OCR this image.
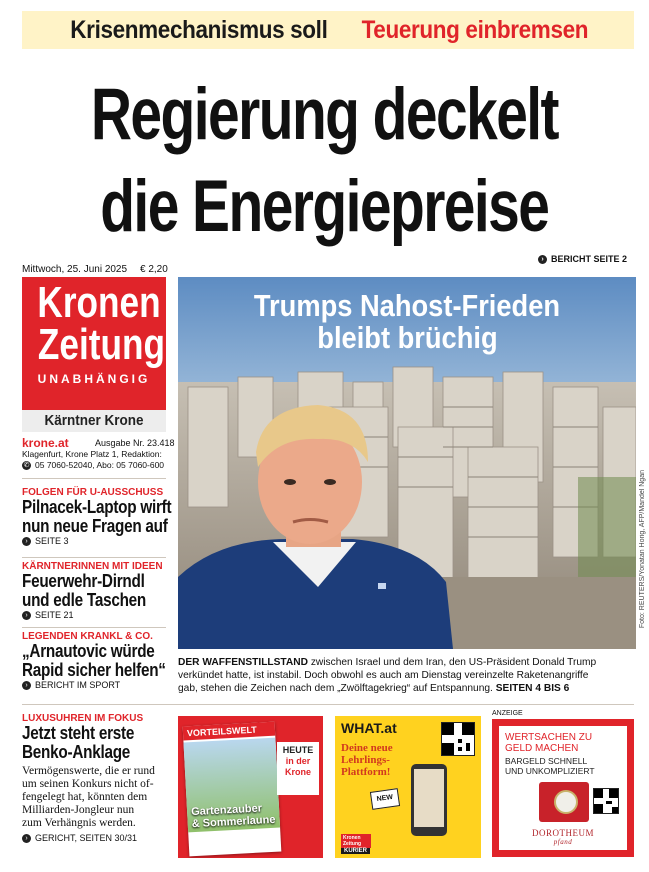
Krisenmechanismus soll Teuerung einbremsen
Regierung deckelt
die Energiepreise
Mittwoch, 25. Juni 2025 € 2,20
› BERICHT SEITE 2
Kronen
Zeitung
UNABHÄNGIG
Kärntner Krone
krone.at	Ausgabe Nr. 23.418
Klagenfurt, Krone Platz 1, Redaktion:
✆ 05 7060-52040, Abo: 05 7060-600
FOLGEN FÜR U-AUSSCHUSS
Pilnacek-Laptop wirft
nun neue Fragen auf
› SEITE 3
KÄRNTNERINNEN MIT IDEEN
Feuerwehr-Dirndl
und edle Taschen
› SEITE 21
LEGENDEN KRANKL & CO.
„Arnautovic würde
Rapid sicher helfen“
› BERICHT IM SPORT
LUXUSUHREN IM FOKUS
Jetzt steht erste
Benko-Anklage
Vermögenswerte, die er rund
um seinen Konkurs nicht of-
fengelegt hat, könnten dem
Milliarden-Jongleur nun
zum Verhängnis werden.
› GERICHT, SEITEN 30/31
Trumps Nahost-Frieden
bleibt brüchig
Foto: REUTERS/Yonatan Horig, AFP/Mandel Ngan
DER WAFFENSTILLSTAND zwischen Israel und dem Iran, den US-Präsident Donald Trump
verkündet hatte, ist instabil. Doch obwohl es auch am Dienstag vereinzelte Raketenangriffe
gab, stehen die Zeichen nach dem „Zwölftagekrieg“ auf Entspannung. SEITEN 4 BIS 6
VORTEILSWELT
Gartenzauber
& Sommerlaune
HEUTE
in der
Krone
WHAT.at
Deine neue
Lehrlings-
Plattform!
NEW
Kronen
Zeitung
KURIER
ANZEIGE
WERTSACHEN ZU
GELD MACHEN
BARGELD SCHNELL
UND UNKOMPLIZIERT
DOROTHEUM
pfand
